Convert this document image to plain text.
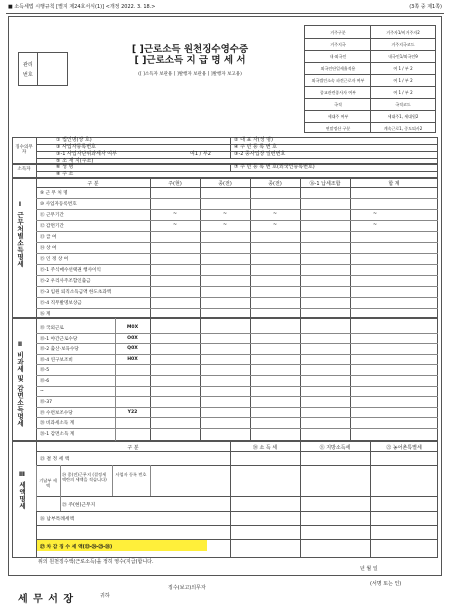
■ 소득세법 시행규칙 [별지 제24호서식(1)] <개정 2022. 3. 18.>	(3쪽 중 제1쪽)
관리
번호
[ ]근로소득 원천징수영수증
[ ]근로소득 지 급 명 세 서
([ ]소득자 보관용 [ ]발행자 보관용 [ ]발행자 보고용)
거주구분	거주자1/비거주자2
거주지국	거주지국코드
내·외국인	내국인1/외국인9
외국인단일세율적용	여 1 / 부 2
외국법인소속 파견근로자 여부	여 1 / 부 2
종교관련종사자 여부	여 1 / 부 2
국적	국적코드
세대주 여부	세대주1, 세대원2
연말정산 구분	계속근로1, 중도퇴사2
징수의무자
① 법인명(상 호)	② 대 표 자(성 명)
③ 사업자등록번호	④ 주 민 등 록 번 호
③-1 사업자단위과세자 여부	여1 / 부2	③-2 종사업장 일련번호
⑤ 소 재 지(주소)
소득자	⑥ 성 명	⑦ 주 민 등 록 번 호(외국인등록번호)
⑧ 주 소
Ⅰ 근무처별소득명세
구 분	주(현)	종(전)	종(전)	⑯-1 납세조합	합 계
⑨ 근 무 처 명
⑩ 사업자등록번호
⑪ 근무기간	~	~	~	~
⑫ 감면기간	~	~	~	~
⑬ 급 여
⑭ 상 여
⑮ 인 정 상 여
⑮-1 주식매수선택권 행사이익
⑮-2 우리사주조합인출금
⑮-3 임원 퇴직소득금액 한도초과액
⑮-4 직무발명보상금
⑯ 계
Ⅱ 비과세 및 감면소득명세
⑱ 국외근로	M0X
⑱-1 야간근로수당	O0X
⑱-2 출산·보육수당	Q0X
⑱-4 연구보조비	H0X
⑱-5
⑱-6
~
⑱-37
⑲ 수련보조수당	Y22
⑳ 비과세소득 계
⑳-1 감면소득 계
Ⅲ 세액명세
구 분	⑳ 소 득 세	㉑ 지방소득세	㉒ 농어촌특별세
기납부 세 액
사업자 등록 번호
㉓ 결 정 세 액
㉔ 종(전)근무지 (결정세액란의 세액을 적습니다)
㉕ 주(현)근무지
㉖ 납부특례세액
㉗ 차 감 징 수 세 액(㉓-㉔-㉕-㉖)
위의 원천징수액(근로소득)을 정히 영수(지급)합니다.
년 월 일
징수(보고)의무자
(서명 또는 인)
세 무 서 장	귀하
